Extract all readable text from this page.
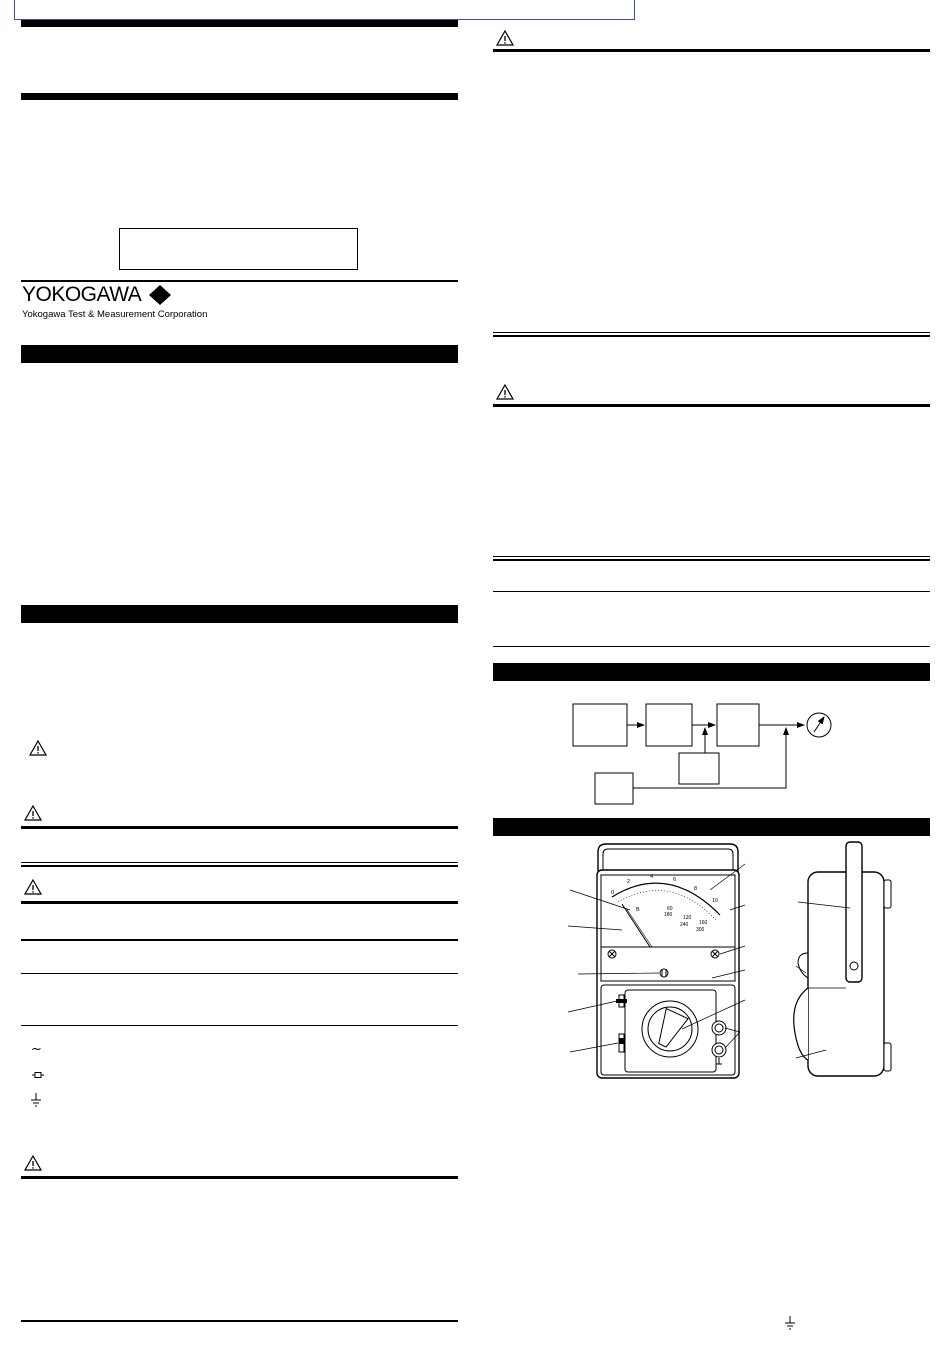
YOKOGAWA
Yokogawa Test & Measurement Corporation
~
0
2
4	6
8
10
B	60
180 120
240 160
300
